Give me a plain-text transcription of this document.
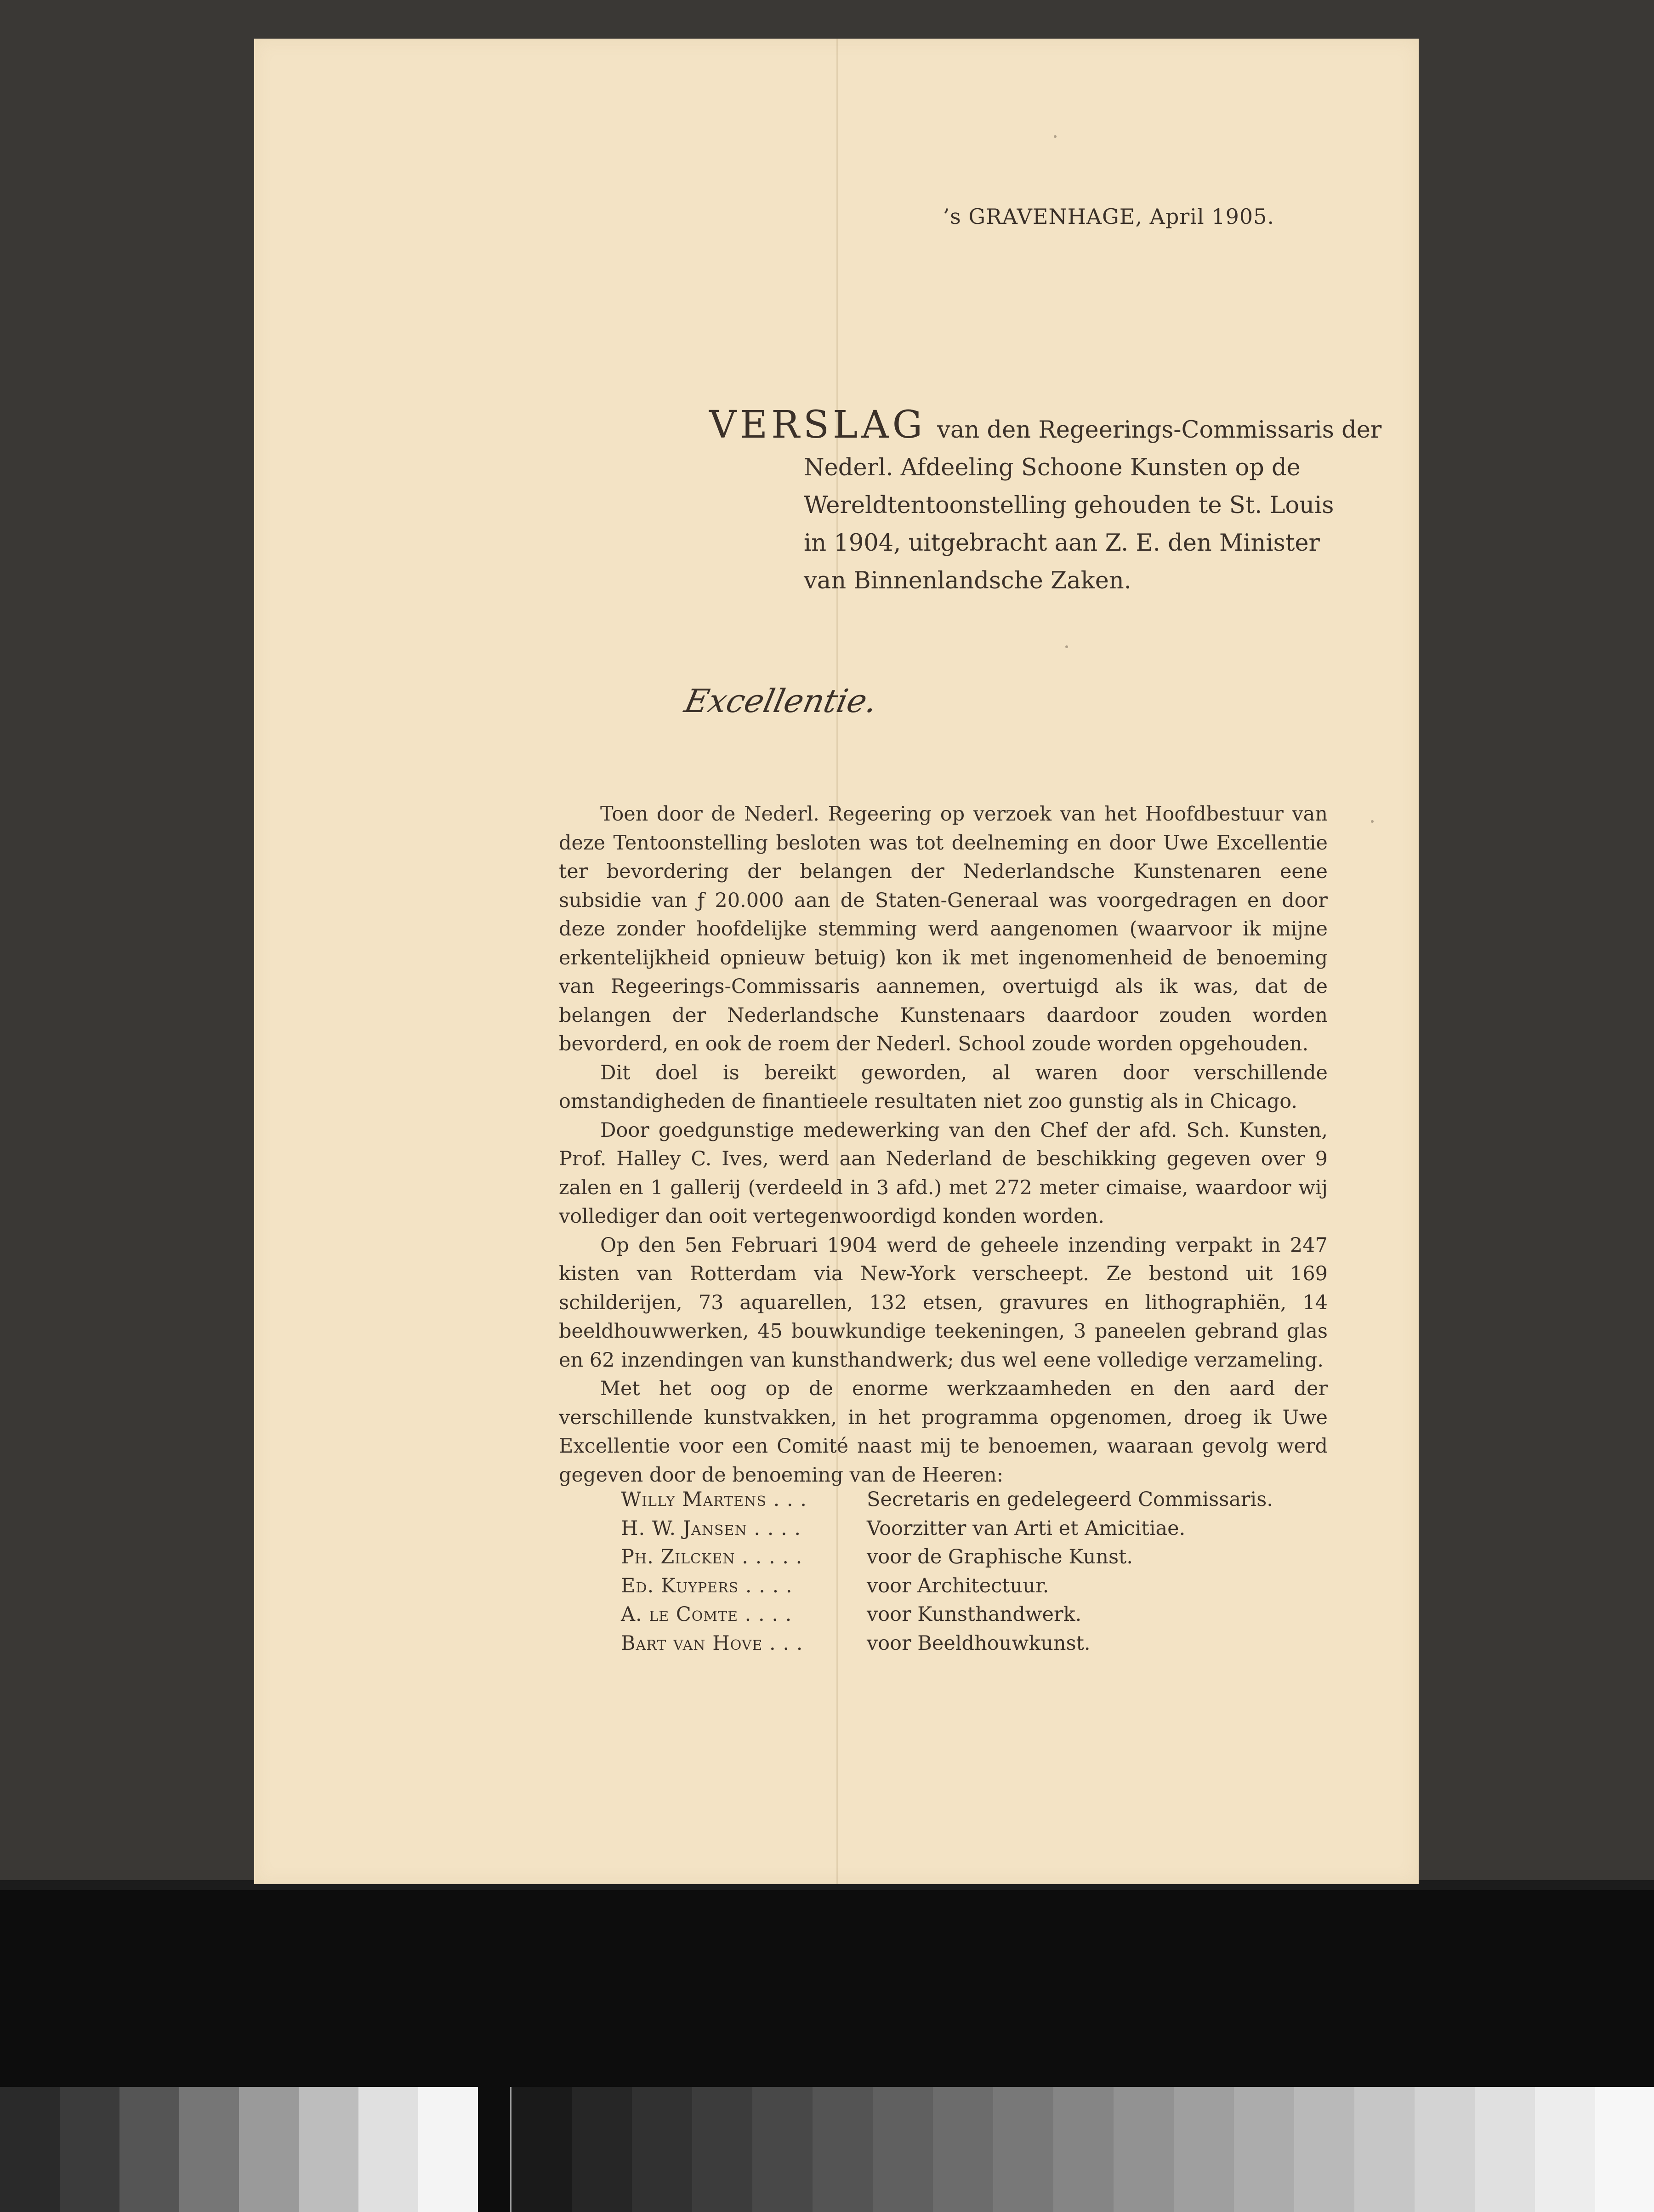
’s GRAVENHAGE, April 1905.
VERSLAG van den Regeerings-Commissaris der
Nederl. Afdeeling Schoone Kunsten op de
Wereldtentoonstelling gehouden te St. Louis
in 1904, uitgebracht aan Z. E. den Minister
van Binnenlandsche Zaken.
Excellentie.

Toen door de Nederl. Regeering op verzoek van het Hoofdbestuur van deze Tentoonstelling besloten was tot deelneming en door Uwe Excellentie ter bevordering der belangen der Nederlandsche Kunstenaren eene subsidie van ƒ 20.000 aan de Staten-Generaal was voorgedragen en door deze zonder hoofdelijke stemming werd aangenomen (waarvoor ik mijne erkentelijkheid opnieuw betuig) kon ik met ingenomenheid de benoeming van Regeerings-Commissaris aannemen, overtuigd als ik was, dat de belangen der Nederlandsche Kunstenaars daardoor zouden worden bevorderd, en ook de roem der Nederl. School zoude worden opgehouden.

Dit doel is bereikt geworden, al waren door verschillende omstandigheden de finantieele resultaten niet zoo gunstig als in Chicago.

Door goedgunstige medewerking van den Chef der afd. Sch. Kunsten, Prof. Halley C. Ives, werd aan Nederland de beschikking gegeven over 9 zalen en 1 gallerij (verdeeld in 3 afd.) met 272 meter cimaise, waardoor wij vollediger dan ooit vertegenwoordigd konden worden.

Op den 5en Februari 1904 werd de geheele inzending verpakt in 247 kisten van Rotterdam via New-York verscheept. Ze bestond uit 169 schilderijen, 73 aquarellen, 132 etsen, gravures en lithographiën, 14 beeldhouwwerken, 45 bouwkundige teekeningen, 3 paneelen gebrand glas en 62 inzendingen van kunsthandwerk; dus wel eene volledige verzameling.

Met het oog op de enorme werkzaamheden en den aard der verschillende kunstvakken, in het programma opgenomen, droeg ik Uwe Excellentie voor een Comité naast mij te benoemen, waaraan gevolg werd gegeven door de benoeming van de Heeren:

Willy Martens . . .	Secretaris en gedelegeerd Commissaris.
H. W. Jansen . . . .	Voorzitter van Arti et Amicitiae.
Ph. Zilcken . . . . .	voor de Graphische Kunst.
Ed. Kuypers . . . .	voor Architectuur.
A. le Comte . . . .	voor Kunsthandwerk.
Bart van Hove . . .	voor Beeldhouwkunst.
